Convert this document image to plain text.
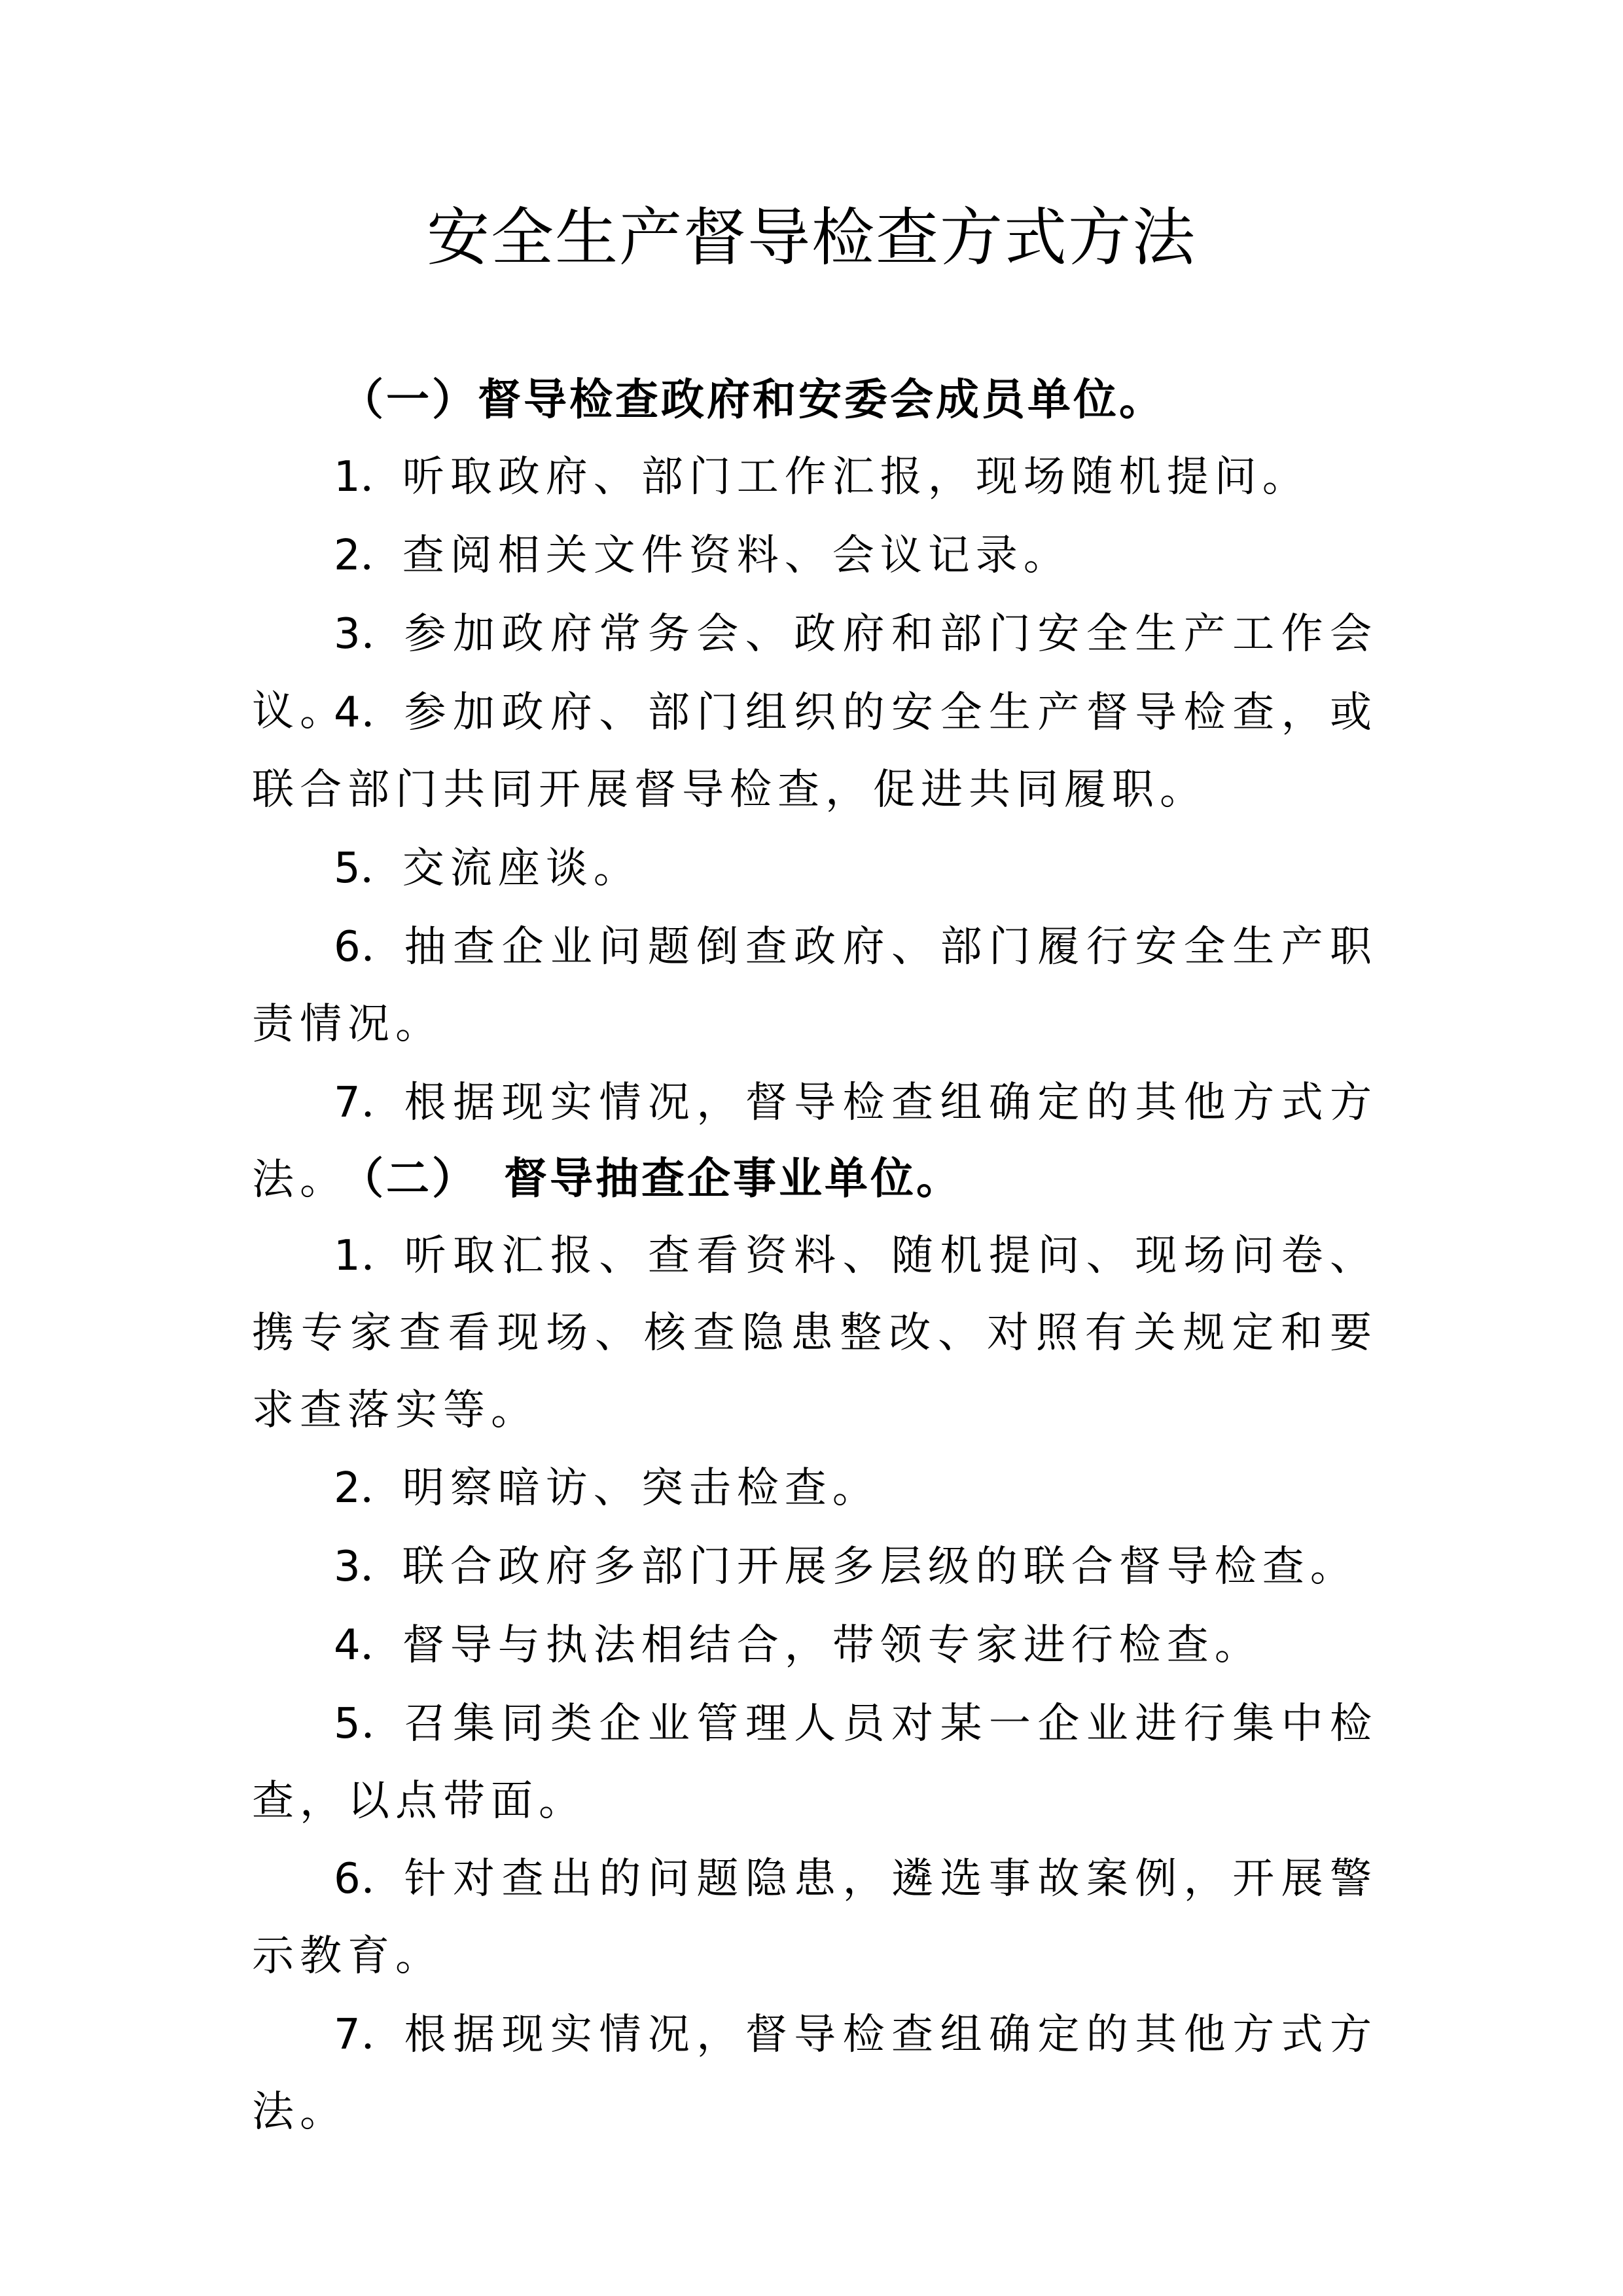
安全生产督导检查方式方法
（一）督导检查政府和安委会成员单位。

1．听取政府、部门工作汇报，现场随机提问。

2．查阅相关文件资料、会议记录。

3．参加政府常务会、政府和部门安全生产工作会议。

4．参加政府、部门组织的安全生产督导检查，或联合部门共同开展督导检查，促进共同履职。

5．交流座谈。

6．抽查企业问题倒查政府、部门履行安全生产职责情况。

7．根据现实情况，督导检查组确定的其他方式方法。

（二） 督导抽查企事业单位。

1．听取汇报、查看资料、随机提问、现场问卷、携专家查看现场、核查隐患整改、对照有关规定和要求查落实等。

2．明察暗访、突击检查。

3．联合政府多部门开展多层级的联合督导检查。

4．督导与执法相结合，带领专家进行检查。

5．召集同类企业管理人员对某一企业进行集中检查，以点带面。

6．针对查出的问题隐患，遴选事故案例，开展警示教育。

7．根据现实情况，督导检查组确定的其他方式方法。
